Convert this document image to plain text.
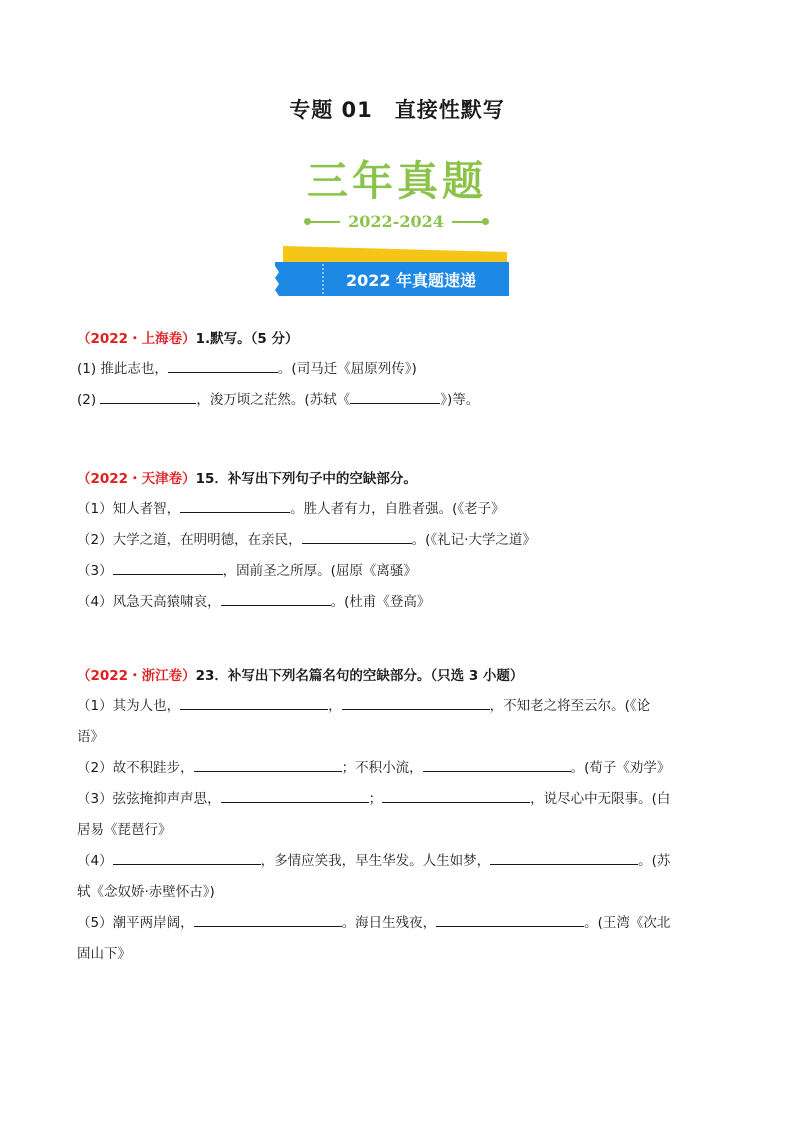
专题 01　直接性默写
三年真题
2022-2024
2022 年真题速递
（2022・上海卷）1.默写。（5 分）
(1) 推此志也，	。(司马迁《屈原列传》)
(2)	，浚万顷之茫然。(苏轼《	》)等。
（2022・天津卷）15．补写出下列句子中的空缺部分。
（1）知人者智，	。胜人者有力，自胜者强。(《老子》
（2）大学之道，在明明德，在亲民，	。(《礼记·大学之道》
（3）	，固前圣之所厚。(屈原《离骚》
（4）风急天高猿啸哀，	。(杜甫《登高》
（2022・浙江卷）23．补写出下列名篇名句的空缺部分。（只选 3 小题）
（1）其为人也，	，	，不知老之将至云尔。(《论
语》
（2）故不积跬步，	；不积小流，	。(荀子《劝学》
（3）弦弦掩抑声声思，	；	，说尽心中无限事。(白
居易《琵琶行》
（4）	，多情应笑我，早生华发。人生如梦，	。(苏
轼《念奴娇·赤壁怀古》)
（5）潮平两岸阔，	。海日生残夜，	。(王湾《次北
固山下》
